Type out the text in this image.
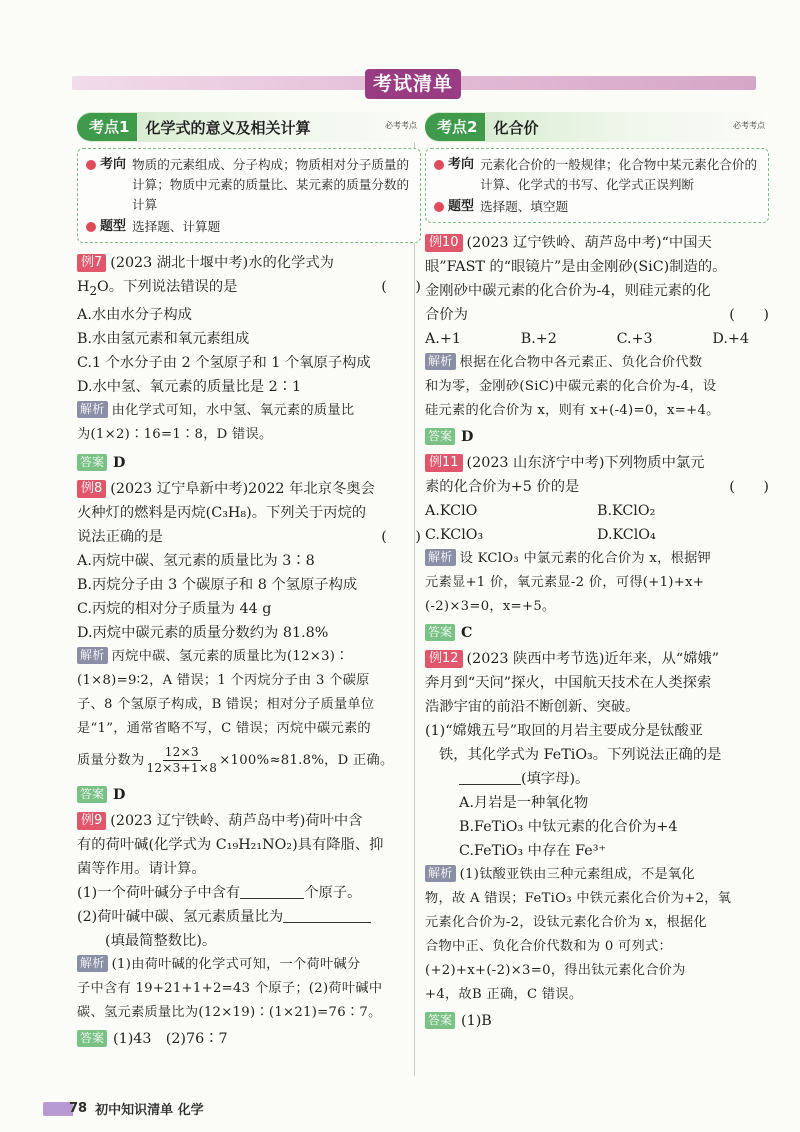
考试清单
考点1	化学式的意义及相关计算	必考考点
考向 物质的元素组成、分子构成；物质相对分子质量的计算；物质中元素的质量比、某元素的质量分数的计算
题型 选择题、计算题
例7 (2023 湖北十堰中考)水的化学式为
$H_2O$。下列说法错误的是	(　　)
A.水由水分子构成
B.水由氢元素和氧元素组成
C.1 个水分子由 2 个氢原子和 1 个氧原子构成
D.水中氢、氧元素的质量比是 2∶1
解析 由化学式可知，水中氢、氧元素的质量比
为(1×2)∶16=1∶8，D 错误。
答案 D
例8 (2023 辽宁阜新中考)2022 年北京冬奥会
火种灯的燃料是丙烷(C₃H₈)。下列关于丙烷的
说法正确的是	(　　)
A.丙烷中碳、氢元素的质量比为 3∶8
B.丙烷分子由 3 个碳原子和 8 个氢原子构成
C.丙烷的相对分子质量为 44 g
D.丙烷中碳元素的质量分数约为 81.8%
解析 丙烷中碳、氢元素的质量比为(12×3)∶
(1×8)=9∶2，A 错误；1 个丙烷分子由 3 个碳原
子、8 个氢原子构成，B 错误；相对分子质量单位
是“1”，通常省略不写，C 错误；丙烷中碳元素的
质量分数为 $\frac{12\times 3}{12\times 3+1\times 8} \times 100\%\approx 81.8\%$，D 正确。
答案 D
例9 (2023 辽宁铁岭、葫芦岛中考)荷叶中含
有的荷叶碱(化学式为 C₁₉H₂₁NO₂)具有降脂、抑
菌等作用。请计算。
(1)一个荷叶碱分子中含有	个原子。
(2)荷叶碱中碳、氢元素质量比为
(填最简整数比)。
解析 (1)由荷叶碱的化学式可知，一个荷叶碱分
子中含有 19+21+1+2=43 个原子；(2)荷叶碱中
碳、氢元素质量比为(12×19)∶(1×21)=76∶7。
答案 (1)43　(2)76∶7
考点2	化合价	必考考点
考向 元素化合价的一般规律；化合物中某元素化合价的计算、化学式的书写、化学式正误判断
题型 选择题、填空题
例10 (2023 辽宁铁岭、葫芦岛中考)“中国天
眼”FAST 的“眼镜片”是由金刚砂(SiC)制造的。
金刚砂中碳元素的化合价为-4，则硅元素的化
合价为	(　　)
A.+1	B.+2	C.+3	D.+4
解析 根据在化合物中各元素正、负化合价代数
和为零，金刚砂(SiC)中碳元素的化合价为-4，设
硅元素的化合价为 x，则有 x+(-4)=0，x=+4。
答案 D
例11 (2023 山东济宁中考)下列物质中氯元
素的化合价为+5 价的是	(　　)
A.KClO	B.KClO₂
C.KClO₃	D.KClO₄
解析 设 KClO₃ 中氯元素的化合价为 x，根据钾
元素显+1 价，氧元素显-2 价，可得(+1)+x+
(-2)×3=0，x=+5。
答案 C
例12 (2023 陕西中考节选)近年来，从“嫦娥”
奔月到“天问”探火，中国航天技术在人类探索
浩渺宇宙的前沿不断创新、突破。
(1)“嫦娥五号”取回的月岩主要成分是钛酸亚
铁，其化学式为 FeTiO₃。下列说法正确的是
(填字母)。
A.月岩是一种氧化物
B.FeTiO₃ 中钛元素的化合价为+4
C.FeTiO₃ 中存在 Fe³⁺
解析 (1)钛酸亚铁由三种元素组成，不是氧化
物，故 A 错误；FeTiO₃ 中铁元素化合价为+2，氧
元素化合价为-2，设钛元素化合价为 x，根据化
合物中正、负化合价代数和为 0 可列式：
(+2)+x+(-2)×3=0，得出钛元素化合价为
+4，故B 正确，C 错误。
答案 (1)B
78 初中知识清单 化学
